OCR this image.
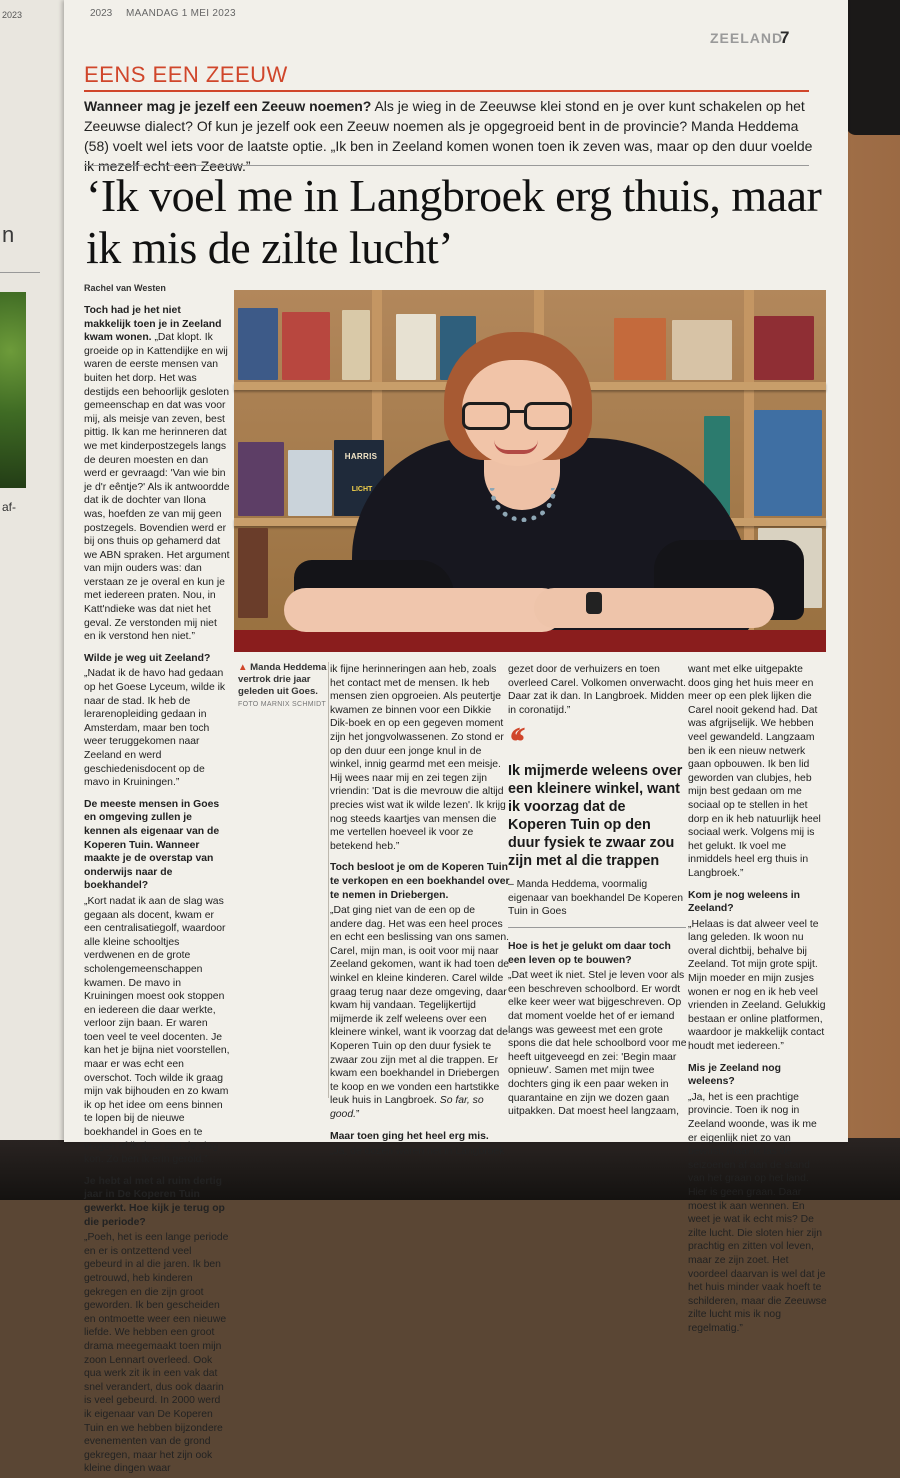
2023
n
af-
2023 MAANDAG 1 MEI 2023
ZEELAND
7
EENS EEN ZEEUW
Wanneer mag je jezelf een Zeeuw noemen? Als je wieg in de Zeeuwse klei stond en je over kunt schakelen op het Zeeuwse dialect? Of kun je jezelf ook een Zeeuw noemen als je opgegroeid bent in de provincie? Manda Heddema (58) voelt wel iets voor de laatste optie. „Ik ben in Zeeland komen wonen toen ik zeven was, maar op den duur voelde ik mezelf echt een Zeeuw.”
‘Ik voel me in Langbroek erg thuis, maar ik mis de zilte lucht’
Rachel van Westen

Toch had je het niet makkelijk toen je in Zeeland kwam wonen. „Dat klopt. Ik groeide op in Kattendijke en wij waren de eerste mensen van buiten het dorp. Het was destijds een behoorlijk gesloten gemeenschap en dat was voor mij, als meisje van zeven, best pittig. Ik kan me herinneren dat we met kinderpostzegels langs de deuren moesten en dan werd er gevraagd: 'Van wie bin je d'r eêntje?' Als ik antwoordde dat ik de dochter van Ilona was, hoefden ze van mij geen postzegels. Bovendien werd er bij ons thuis op gehamerd dat we ABN spraken. Het argument van mijn ouders was: dan verstaan ze je overal en kun je met iedereen praten. Nou, in Katt'ndieke was dat niet het geval. Ze verstonden mij niet en ik verstond hen niet.”

Wilde je weg uit Zeeland?

„Nadat ik de havo had gedaan op het Goese Lyceum, wilde ik naar de stad. Ik heb de lerarenopleiding gedaan in Amsterdam, maar ben toch weer teruggekomen naar Zeeland en werd geschiedenisdocent op de mavo in Kruiningen.”

De meeste mensen in Goes en omgeving zullen je kennen als eigenaar van de Koperen Tuin. Wanneer maakte je de overstap van onderwijs naar de boekhandel?

„Kort nadat ik aan de slag was gegaan als docent, kwam er een centralisatiegolf, waardoor alle kleine schooltjes verdwenen en de grote scholengemeenschappen kwamen. De mavo in Kruiningen moest ook stoppen en iedereen die daar werkte, verloor zijn baan. Er waren toen veel te veel docenten. Je kan het je bijna niet voorstellen, maar er was echt een overschot. Toch wilde ik graag mijn vak bijhouden en zo kwam ik op het idee om eens binnen te lopen bij de nieuwe boekhandel in Goes en te vragen of ik daar aan de slag kon. Zo ben ik erin gerold.”

Je hebt al met al ruim dertig jaar in De Koperen Tuin gewerkt. Hoe kijk je terug op die periode?

„Poeh, het is een lange periode en er is ontzettend veel gebeurd in al die jaren. Ik ben getrouwd, heb kinderen gekregen en die zijn groot geworden. Ik ben gescheiden en ontmoette weer een nieuwe liefde. We hebben een groot drama meegemaakt toen mijn zoon Lennart overleed. Ook qua werk zit ik in een vak dat snel verandert, dus ook daarin is veel gebeurd. In 2000 werd ik eigenaar van De Koperen Tuin en we hebben bijzondere evenementen van de grond gekregen, maar het zijn ook kleine dingen waar

HARRIS
LICHT
▲ Manda Heddema vertrok drie jaar geleden uit Goes. FOTO MARNIX SCHMIDT

ik fijne herinneringen aan heb, zoals het contact met de mensen. Ik heb mensen zien opgroeien. Als peutertje kwamen ze binnen voor een Dikkie Dik-boek en op een gegeven moment zijn het jongvolwassenen. Zo stond er op den duur een jonge knul in de winkel, innig gearmd met een meisje. Hij wees naar mij en zei tegen zijn vriendin: 'Dat is die mevrouw die altijd precies wist wat ik wilde lezen'. Ik krijg nog steeds kaartjes van mensen die me vertellen hoeveel ik voor ze betekend heb.”

Toch besloot je om de Koperen Tuin te verkopen en een boekhandel over te nemen in Driebergen.

„Dat ging niet van de een op de andere dag. Het was een heel proces en echt een beslissing van ons samen. Carel, mijn man, is ooit voor mij naar Zeeland gekomen, want ik had toen de winkel en kleine kinderen. Carel wilde graag terug naar deze omgeving, daar kwam hij vandaan. Tegelijkertijd mijmerde ik zelf weleens over een kleinere winkel, want ik voorzag dat de Koperen Tuin op den duur fysiek te zwaar zou zijn met al die trappen. Er kwam een boekhandel in Driebergen te koop en we vonden een hartstikke leuk huis in Langbroek. So far, so good.”

Maar toen ging het heel erg mis.

„Ja, de dozen waren net in Langbroek

gezet door de verhuizers en toen overleed Carel. Volkomen onverwacht. Daar zat ik dan. In Langbroek. Midden in coronatijd.”

‘‘
Ik mijmerde weleens over een kleinere winkel, want ik voorzag dat de Koperen Tuin op den duur fysiek te zwaar zou zijn met al die trappen
– Manda Heddema, voormalig eigenaar van boekhandel De Koperen Tuin in Goes

Hoe is het je gelukt om daar toch een leven op te bouwen?

„Dat weet ik niet. Stel je leven voor als een beschreven schoolbord. Er wordt elke keer weer wat bijgeschreven. Op dat moment voelde het of er iemand langs was geweest met een grote spons die dat hele schoolbord voor me heeft uitgeveegd en zei: 'Begin maar opnieuw'. Samen met mijn twee dochters ging ik een paar weken in quarantaine en zijn we dozen gaan uitpakken. Dat moest heel langzaam,

want met elke uitgepakte doos ging het huis meer en meer op een plek lijken die Carel nooit gekend had. Dat was afgrijselijk. We hebben veel gewandeld. Langzaam ben ik een nieuw netwerk gaan opbouwen. Ik ben lid geworden van clubjes, heb mijn best gedaan om me sociaal op te stellen in het dorp en ik heb natuurlijk heel sociaal werk. Volgens mij is het gelukt. Ik voel me inmiddels heel erg thuis in Langbroek.”

Kom je nog weleens in Zeeland?

„Helaas is dat alweer veel te lang geleden. Ik woon nu overal dichtbij, behalve bij Zeeland. Tot mijn grote spijt. Mijn moeder en mijn zusjes wonen er nog en ik heb veel vrienden in Zeeland. Gelukkig bestaan er online platformen, waardoor je makkelijk contact houdt met iedereen.”

Mis je Zeeland nog weleens?

„Ja, het is een prachtige provincie. Toen ik nog in Zeeland woonde, was ik me er eigenlijk niet zo van bewust, maar ik las de seizoenen af aan de stand van het graan op het land. Hier is geen graan. Daar moest ik aan wennen. En weet je wat ik echt mis? De zilte lucht. Die sloten hier zijn prachtig en zitten vol leven, maar ze zijn zoet. Het voordeel daarvan is wel dat je het huis minder vaak hoeft te schilderen, maar die Zeeuwse zilte lucht mis ik nog regelmatig.”
